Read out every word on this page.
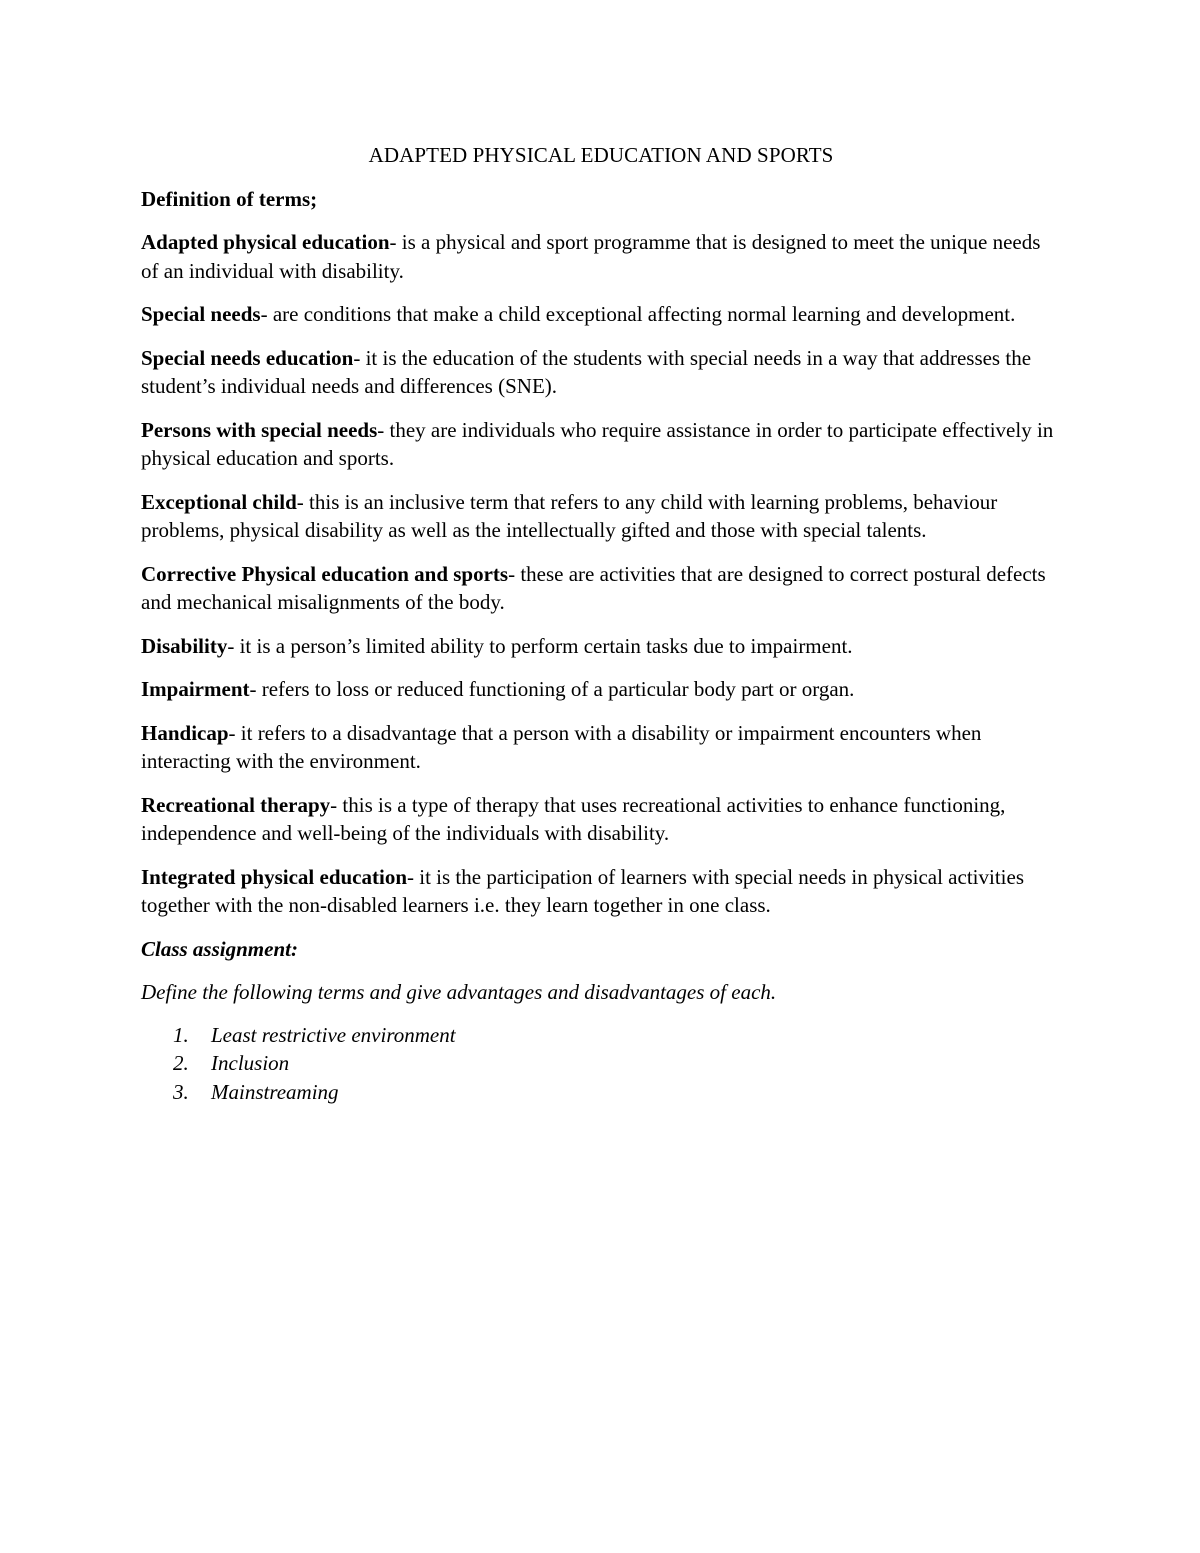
ADAPTED PHYSICAL EDUCATION AND SPORTS

Definition of terms;

Adapted physical education- is a physical and sport programme that is designed to meet the unique needs of an individual with disability.

Special needs- are conditions that make a child exceptional affecting normal learning and development.

Special needs education- it is the education of the students with special needs in a way that addresses the student’s individual needs and differences (SNE).

Persons with special needs- they are individuals who require assistance in order to participate effectively in physical education and sports.

Exceptional child- this is an inclusive term that refers to any child with learning problems, behaviour problems, physical disability as well as the intellectually gifted and those with special talents.

Corrective Physical education and sports- these are activities that are designed to correct postural defects and mechanical misalignments of the body.

Disability- it is a person’s limited ability to perform certain tasks due to impairment.

Impairment- refers to loss or reduced functioning of a particular body part or organ.

Handicap- it refers to a disadvantage that a person with a disability or impairment encounters when interacting with the environment.

Recreational therapy- this is a type of therapy that uses recreational activities to enhance functioning, independence and well-being of the individuals with disability.

Integrated physical education- it is the participation of learners with special needs in physical activities together with the non-disabled learners i.e. they learn together in one class.

Class assignment:

Define the following terms and give advantages and disadvantages of each.

1.	Least restrictive environment
2.	Inclusion
3.	Mainstreaming
